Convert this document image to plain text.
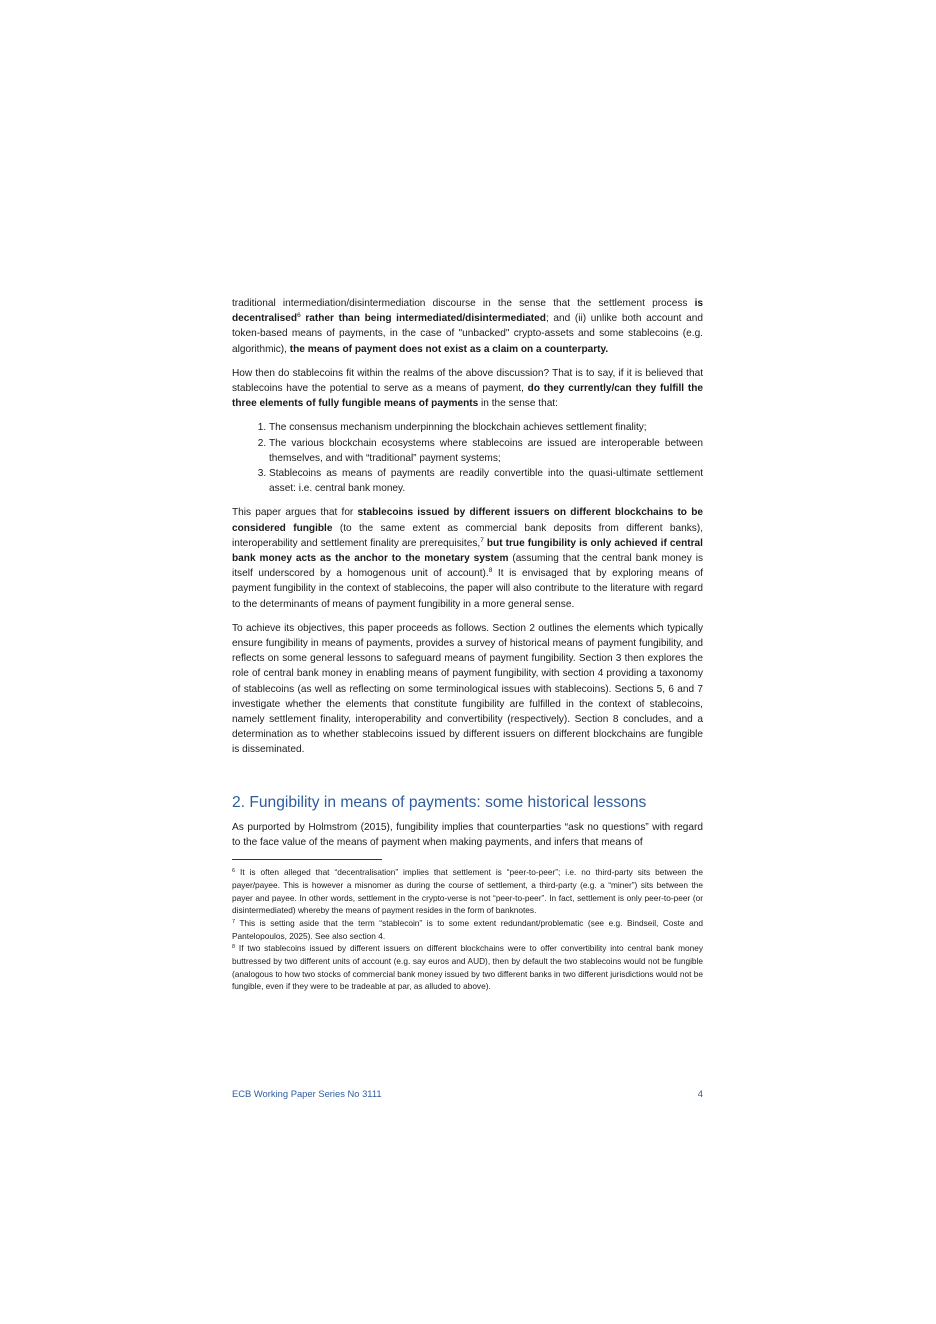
traditional intermediation/disintermediation discourse in the sense that the settlement process is decentralised$^6$ rather than being intermediated/disintermediated; and (ii) unlike both account and token-based means of payments, in the case of "unbacked" crypto-assets and some stablecoins (e.g. algorithmic), the means of payment does not exist as a claim on a counterparty.

How then do stablecoins fit within the realms of the above discussion? That is to say, if it is believed that stablecoins have the potential to serve as a means of payment, do they currently/can they fulfill the three elements of fully fungible means of payments in the sense that:

1. The consensus mechanism underpinning the blockchain achieves settlement finality;
2. The various blockchain ecosystems where stablecoins are issued are interoperable between themselves, and with “traditional” payment systems;
3. Stablecoins as means of payments are readily convertible into the quasi-ultimate settlement asset: i.e. central bank money.

This paper argues that for stablecoins issued by different issuers on different blockchains to be considered fungible (to the same extent as commercial bank deposits from different banks), interoperability and settlement finality are prerequisites,$^7$ but true fungibility is only achieved if central bank money acts as the anchor to the monetary system (assuming that the central bank money is itself underscored by a homogenous unit of account).$^8$ It is envisaged that by exploring means of payment fungibility in the context of stablecoins, the paper will also contribute to the literature with regard to the determinants of means of payment fungibility in a more general sense.

To achieve its objectives, this paper proceeds as follows. Section 2 outlines the elements which typically ensure fungibility in means of payments, provides a survey of historical means of payment fungibility, and reflects on some general lessons to safeguard means of payment fungibility. Section 3 then explores the role of central bank money in enabling means of payment fungibility, with section 4 providing a taxonomy of stablecoins (as well as reflecting on some terminological issues with stablecoins). Sections 5, 6 and 7 investigate whether the elements that constitute fungibility are fulfilled in the context of stablecoins, namely settlement finality, interoperability and convertibility (respectively). Section 8 concludes, and a determination as to whether stablecoins issued by different issuers on different blockchains are fungible is disseminated.

2. Fungibility in means of payments: some historical lessons

As purported by Holmstrom (2015), fungibility implies that counterparties “ask no questions” with regard to the face value of the means of payment when making payments, and infers that means of

$^6$ It is often alleged that “decentralisation” implies that settlement is “peer-to-peer”; i.e. no third-party sits between the payer/payee. This is however a misnomer as during the course of settlement, a third-party (e.g. a “miner”) sits between the payer and payee. In other words, settlement in the crypto-verse is not “peer-to-peer”. In fact, settlement is only peer-to-peer (or disintermediated) whereby the means of payment resides in the form of banknotes.

$^7$ This is setting aside that the term “stablecoin” is to some extent redundant/problematic (see e.g. Bindseil, Coste and Pantelopoulos, 2025). See also section 4.

$^8$ If two stablecoins issued by different issuers on different blockchains were to offer convertibility into central bank money buttressed by two different units of account (e.g. say euros and AUD), then by default the two stablecoins would not be fungible (analogous to how two stocks of commercial bank money issued by two different banks in two different jurisdictions would not be fungible, even if they were to be tradeable at par, as alluded to above).

ECB Working Paper Series No 3111	4
